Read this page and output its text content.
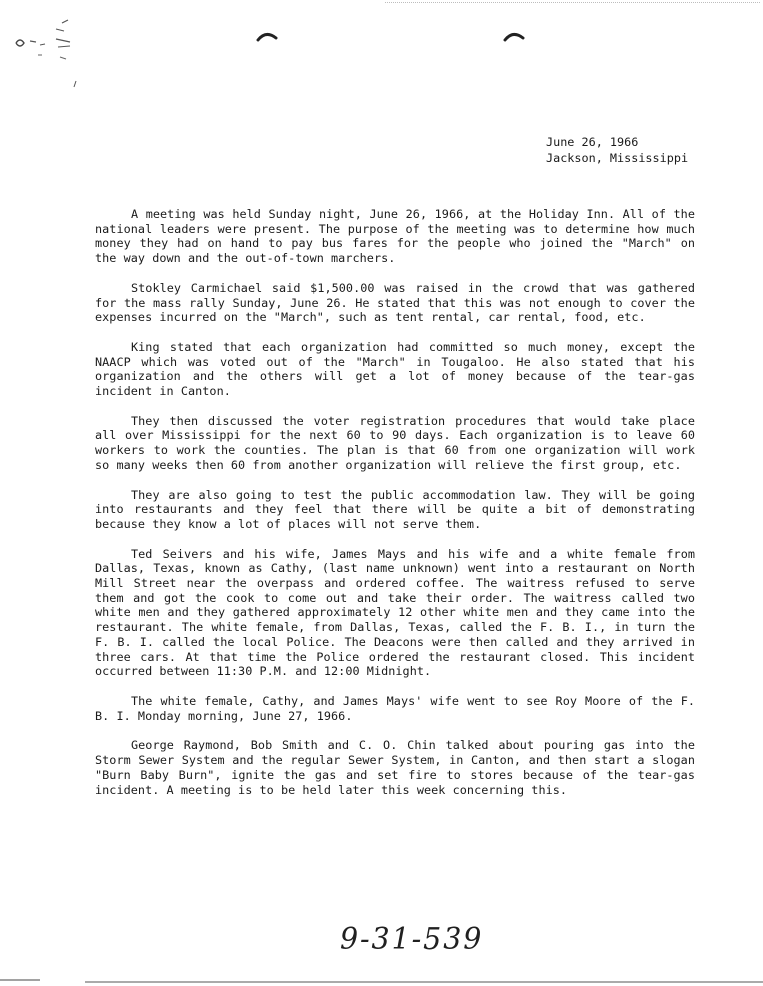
June 26, 1966
Jackson, Mississippi

A meeting was held Sunday night, June 26, 1966, at the Holiday Inn. All of the national leaders were present. The purpose of the meeting was to determine how much money they had on hand to pay bus fares for the people who joined the "March" on the way down and the out-of-town marchers.

Stokley Carmichael said $1,500.00 was raised in the crowd that was gathered for the mass rally Sunday, June 26. He stated that this was not enough to cover the expenses incurred on the "March", such as tent rental, car rental, food, etc.

King stated that each organization had committed so much money, except the NAACP which was voted out of the "March" in Tougaloo. He also stated that his organization and the others will get a lot of money because of the tear-gas incident in Canton.

They then discussed the voter registration procedures that would take place all over Mississippi for the next 60 to 90 days. Each organization is to leave 60 workers to work the counties. The plan is that 60 from one organization will work so many weeks then 60 from another organization will relieve the first group, etc.

They are also going to test the public accommodation law. They will be going into restaurants and they feel that there will be quite a bit of demonstrating because they know a lot of places will not serve them.

Ted Seivers and his wife, James Mays and his wife and a white female from Dallas, Texas, known as Cathy, (last name unknown) went into a restaurant on North Mill Street near the overpass and ordered coffee. The waitress refused to serve them and got the cook to come out and take their order. The waitress called two white men and they gathered approximately 12 other white men and they came into the restaurant. The white female, from Dallas, Texas, called the F. B. I., in turn the F. B. I. called the local Police. The Deacons were then called and they arrived in three cars. At that time the Police ordered the restaurant closed. This incident occurred between 11:30 P.M. and 12:00 Midnight.

The white female, Cathy, and James Mays' wife went to see Roy Moore of the F. B. I. Monday morning, June 27, 1966.

George Raymond, Bob Smith and C. O. Chin talked about pouring gas into the Storm Sewer System and the regular Sewer System, in Canton, and then start a slogan "Burn Baby Burn", ignite the gas and set fire to stores because of the tear-gas incident. A meeting is to be held later this week concerning this.

9-31-539
